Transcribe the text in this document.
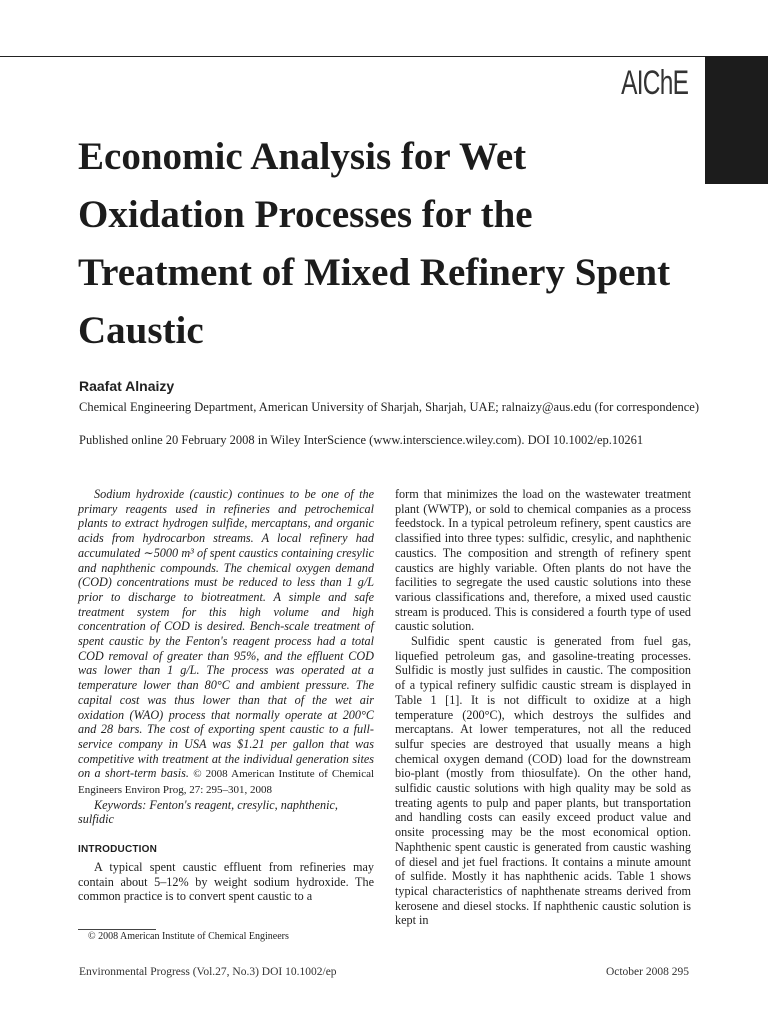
AIChE
Economic Analysis for Wet Oxidation Processes for the Treatment of Mixed Refinery Spent Caustic
Raafat Alnaizy
Chemical Engineering Department, American University of Sharjah, Sharjah, UAE; ralnaizy@aus.edu (for correspondence)
Published online 20 February 2008 in Wiley InterScience (www.interscience.wiley.com). DOI 10.1002/ep.10261

Sodium hydroxide (caustic) continues to be one of the primary reagents used in refineries and petrochemical plants to extract hydrogen sulfide, mercaptans, and organic acids from hydrocarbon streams. A local refinery had accumulated ∼5000 m³ of spent caustics containing cresylic and naphthenic compounds. The chemical oxygen demand (COD) concentrations must be reduced to less than 1 g/L prior to discharge to biotreatment. A simple and safe treatment system for this high volume and high concentration of COD is desired. Bench-scale treatment of spent caustic by the Fenton's reagent process had a total COD removal of greater than 95%, and the effluent COD was lower than 1 g/L. The process was operated at a temperature lower than 80°C and ambient pressure. The capital cost was thus lower than that of the wet air oxidation (WAO) process that normally operate at 200°C and 28 bars. The cost of exporting spent caustic to a full-service company in USA was $1.21 per gallon that was competitive with treatment at the individual generation sites on a short-term basis. © 2008 American Institute of Chemical Engineers Environ Prog, 27: 295–301, 2008

Keywords: Fenton's reagent, cresylic, naphthenic, sulfidic

INTRODUCTION

A typical spent caustic effluent from refineries may contain about 5–12% by weight sodium hydroxide. The common practice is to convert spent caustic to a

form that minimizes the load on the wastewater treatment plant (WWTP), or sold to chemical companies as a process feedstock. In a typical petroleum refinery, spent caustics are classified into three types: sulfidic, cresylic, and naphthenic caustics. The composition and strength of refinery spent caustics are highly variable. Often plants do not have the facilities to segregate the used caustic solutions into these various classifications and, therefore, a mixed used caustic stream is produced. This is considered a fourth type of used caustic solution.

Sulfidic spent caustic is generated from fuel gas, liquefied petroleum gas, and gasoline-treating processes. Sulfidic is mostly just sulfides in caustic. The composition of a typical refinery sulfidic caustic stream is displayed in Table 1 [1]. It is not difficult to oxidize at a high temperature (200°C), which destroys the sulfides and mercaptans. At lower temperatures, not all the reduced sulfur species are destroyed that usually means a high chemical oxygen demand (COD) load for the downstream bio-plant (mostly from thiosulfate). On the other hand, sulfidic caustic solutions with high quality may be sold as treating agents to pulp and paper plants, but transportation and handling costs can easily exceed product value and onsite processing may be the most economical option. Naphthenic spent caustic is generated from caustic washing of diesel and jet fuel fractions. It contains a minute amount of sulfide. Mostly it has naphthenic acids. Table 1 shows typical characteristics of naphthenate streams derived from kerosene and diesel stocks. If naphthenic caustic solution is kept in

© 2008 American Institute of Chemical Engineers
Environmental Progress (Vol.27, No.3) DOI 10.1002/ep	October 2008 295
